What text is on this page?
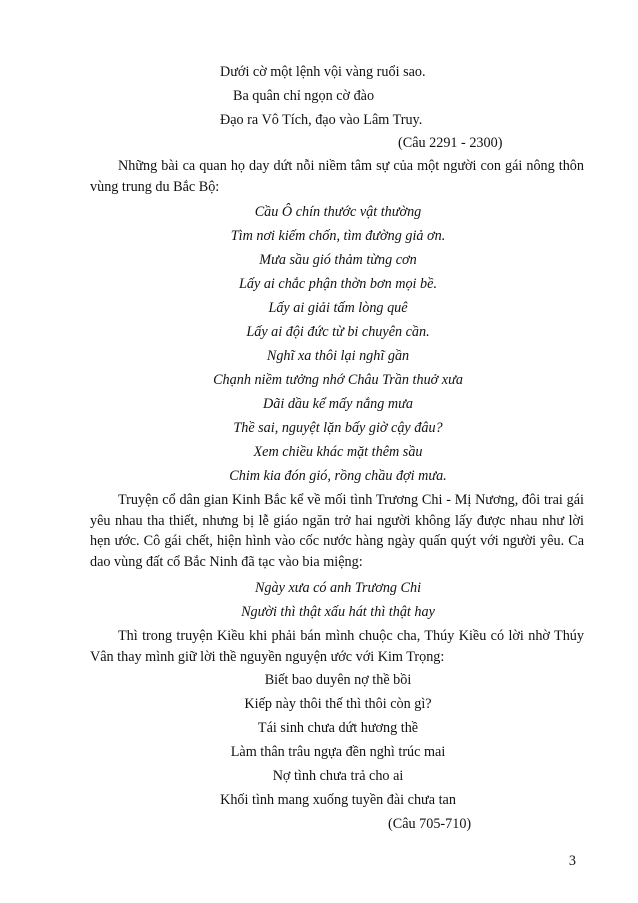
Dưới cờ một lệnh vội vàng ruổi sao.
Ba quân chỉ ngọn cờ đào
Đạo ra Vô Tích, đạo vào Lâm Truy.
(Câu 2291 - 2300)
Những bài ca quan họ day dứt nỗi niềm tâm sự của một người con gái nông thôn vùng trung du Bắc Bộ:
Cầu Ô chín thước vật thường
Tìm nơi kiếm chốn, tìm đường giả ơn.
Mưa sầu gió thảm từng cơn
Lấy ai chắc phận thờn bơn mọi bề.
Lấy ai giải tấm lòng quê
Lấy ai đội đức từ bi chuyên cần.
Nghĩ xa thôi lại nghĩ gần
Chạnh niềm tưởng nhớ Châu Trần thuở xưa
Dãi dầu kể mấy nắng mưa
Thề sai, nguyệt lặn bấy giờ cậy đâu?
Xem chiều khác mặt thêm sầu
Chim kia đón gió, rồng chầu đợi mưa.
Truyện cổ dân gian Kinh Bắc kể về mối tình Trương Chi - Mị Nương, đôi trai gái yêu nhau tha thiết, nhưng bị lễ giáo ngăn trở hai người không lấy được nhau như lời hẹn ước. Cô gái chết, hiện hình vào cốc nước hàng ngày quấn quýt với người yêu. Ca dao vùng đất cổ Bắc Ninh đã tạc vào bia miệng:
Ngày xưa có anh Trương Chi
Người thì thật xấu hát thì thật hay
Thì trong truyện Kiều khi phải bán mình chuộc cha, Thúy Kiều có lời nhờ Thúy Vân thay mình giữ lời thề nguyền nguyện ước với Kim Trọng:
Biết bao duyên nợ thề bồi
Kiếp này thôi thế thì thôi còn gì?
Tái sinh chưa dứt hương thề
Làm thân trâu ngựa đền nghì trúc mai
Nợ tình chưa trả cho ai
Khối tình mang xuống tuyền đài chưa tan
(Câu 705-710)
3
